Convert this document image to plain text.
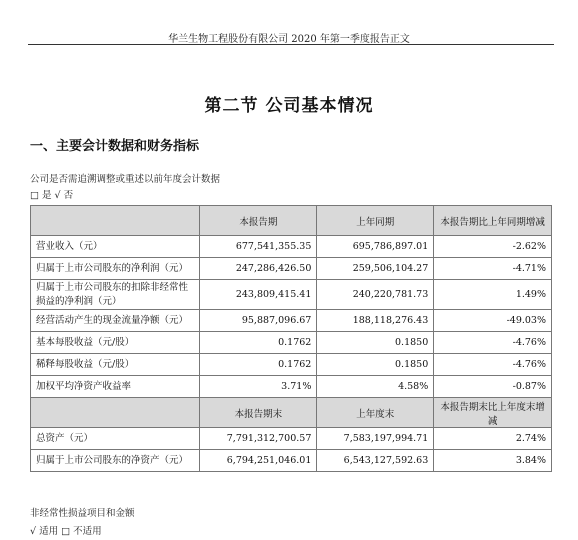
华兰生物工程股份有限公司 2020 年第一季度报告正文
第二节 公司基本情况
一、主要会计数据和财务指标
公司是否需追溯调整或重述以前年度会计数据
□ 是 √ 否
	本报告期	上年同期	本报告期比上年同期增减
营业收入（元）	677,541,355.35	695,786,897.01	-2.62%
归属于上市公司股东的净利润（元）	247,286,426.50	259,506,104.27	-4.71%
归属于上市公司股东的扣除非经常性损益的净利润（元）	243,809,415.41	240,220,781.73	1.49%
经营活动产生的现金流量净额（元）	95,887,096.67	188,118,276.43	-49.03%
基本每股收益（元/股）	0.1762	0.1850	-4.76%
稀释每股收益（元/股）	0.1762	0.1850	-4.76%
加权平均净资产收益率	3.71%	4.58%	-0.87%
	本报告期末	上年度末	本报告期末比上年度末增减
总资产（元）	7,791,312,700.57	7,583,197,994.71	2.74%
归属于上市公司股东的净资产（元）	6,794,251,046.01	6,543,127,592.63	3.84%
非经常性损益项目和金额
√ 适用 □ 不适用
